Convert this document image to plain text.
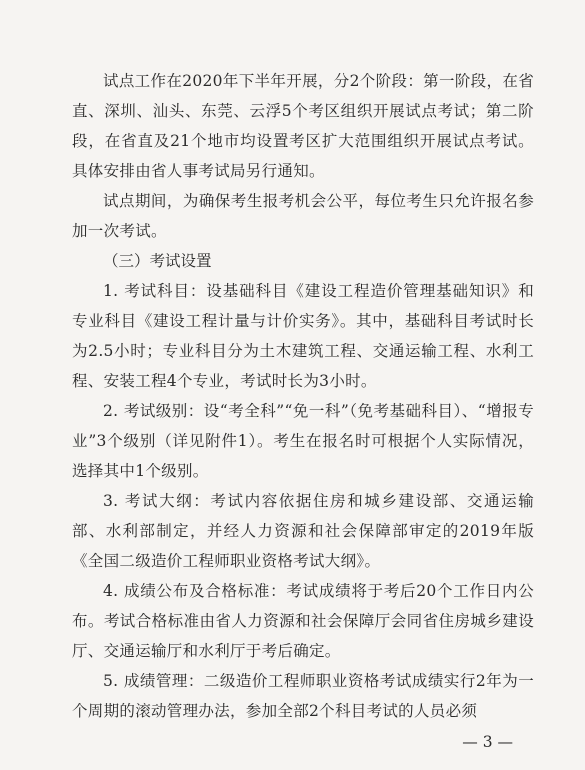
试点工作在2020年下半年开展，分2个阶段：第一阶段，在省直、深圳、汕头、东莞、云浮5个考区组织开展试点考试；第二阶段，在省直及21个地市均设置考区扩大范围组织开展试点考试。具体安排由省人事考试局另行通知。

试点期间，为确保考生报考机会公平，每位考生只允许报名参加一次考试。

（三）考试设置

1. 考试科目：设基础科目《建设工程造价管理基础知识》和专业科目《建设工程计量与计价实务》。其中，基础科目考试时长为2.5小时；专业科目分为土木建筑工程、交通运输工程、水利工程、安装工程4个专业，考试时长为3小时。

2. 考试级别：设“考全科”“免一科”（免考基础科目）、“增报专业”3个级别（详见附件1）。考生在报名时可根据个人实际情况，选择其中1个级别。

3. 考试大纲：考试内容依据住房和城乡建设部、交通运输部、水利部制定，并经人力资源和社会保障部审定的2019年版《全国二级造价工程师职业资格考试大纲》。

4. 成绩公布及合格标准：考试成绩将于考后20个工作日内公布。考试合格标准由省人力资源和社会保障厅会同省住房城乡建设厅、交通运输厅和水利厅于考后确定。

5. 成绩管理：二级造价工程师职业资格考试成绩实行2年为一个周期的滚动管理办法，参加全部2个科目考试的人员必须

— 3 —
